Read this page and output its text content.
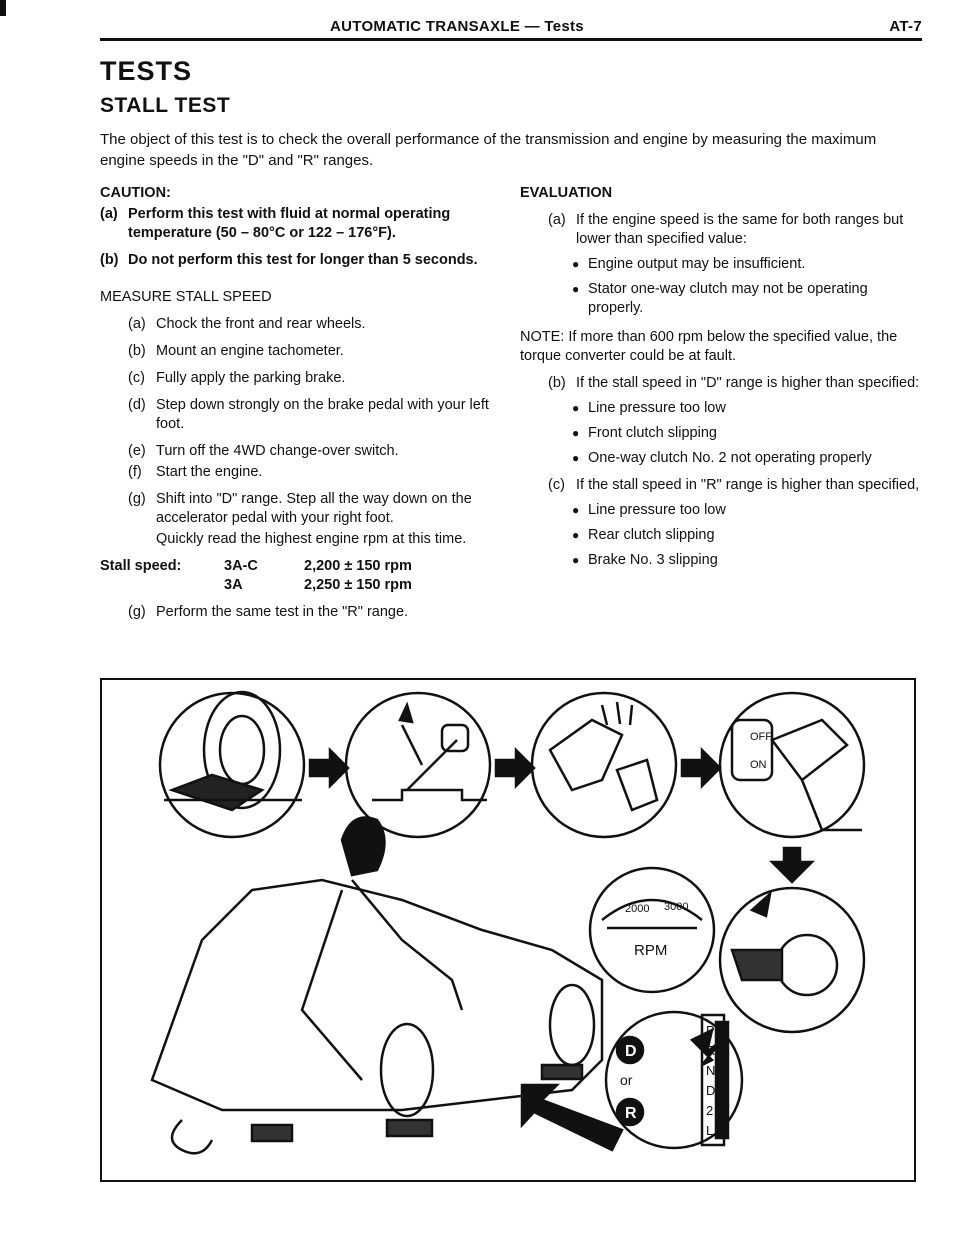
AUTOMATIC TRANSAXLE — Tests	AT-7
TESTS
STALL TEST
The object of this test is to check the overall performance of the transmission and engine by measuring the maximum engine speeds in the "D" and "R" ranges.
CAUTION:
(a) Perform this test with fluid at normal operating temperature (50 – 80°C or 122 – 176°F).
(b) Do not perform this test for longer than 5 seconds.
MEASURE STALL SPEED
(a) Chock the front and rear wheels.
(b) Mount an engine tachometer.
(c) Fully apply the parking brake.
(d) Step down strongly on the brake pedal with your left foot.
(e) Turn off the 4WD change-over switch.
(f) Start the engine.
(g) Shift into "D" range. Step all the way down on the accelerator pedal with your right foot.
Quickly read the highest engine rpm at this time.
Stall speed:	3A-C	2,200 ± 150 rpm
3A	2,250 ± 150 rpm
(g) Perform the same test in the "R" range.
EVALUATION
(a) If the engine speed is the same for both ranges but lower than specified value:
● Engine output may be insufficient.
● Stator one-way clutch may not be operating properly.
NOTE: If more than 600 rpm below the specified value, the torque converter could be at fault.
(b) If the stall speed in "D" range is higher than specified:
● Line pressure too low
● Front clutch slipping
● One-way clutch No. 2 not operating properly
(c) If the stall speed in "R" range is higher than specified,
● Line pressure too low
● Rear clutch slipping
● Brake No. 3 slipping
OFF
ON
2000 3000
RPM
D
R
or
P
R
N
D
2
L
